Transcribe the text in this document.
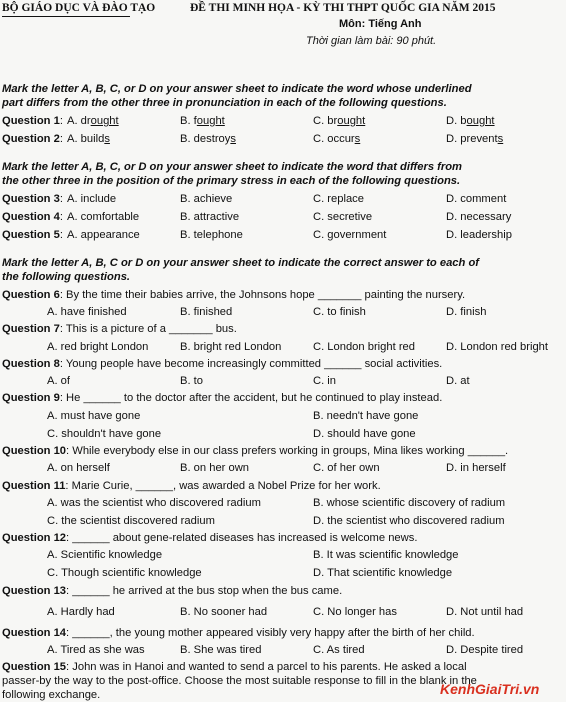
BỘ GIÁO DỤC VÀ ĐÀO TẠO	ĐỀ THI MINH HỌA - KỲ THI THPT QUỐC GIA NĂM 2015
Môn: Tiếng Anh
Thời gian làm bài: 90 phút.
Mark the letter A, B, C, or D on your answer sheet to indicate the word whose underlined
part differs from the other three in pronunciation in each of the following questions.
Question 1: A. drought	B. fought	C. brought	D. bought
Question 2: A. builds	B. destroys	C. occurs	D. prevents
Mark the letter A, B, C, or D on your answer sheet to indicate the word that differs from
the other three in the position of the primary stress in each of the following questions.
Question 3: A. include	B. achieve	C. replace	D. comment
Question 4: A. comfortable	B. attractive	C. secretive	D. necessary
Question 5: A. appearance	B. telephone	C. government	D. leadership
Mark the letter A, B, C or D on your answer sheet to indicate the correct answer to each of
the following questions.
Question 6: By the time their babies arrive, the Johnsons hope _______ painting the nursery.
A. have finished	B. finished	C. to finish	D. finish
Question 7: This is a picture of a _______ bus.
A. red bright London	B. bright red London	C. London bright red	D. London red bright
Question 8: Young people have become increasingly committed ______ social activities.
A. of	B. to	C. in	D. at
Question 9: He ______ to the doctor after the accident, but he continued to play instead.
A. must have gone	B. needn't have gone
C. shouldn't have gone	D. should have gone
Question 10: While everybody else in our class prefers working in groups, Mina likes working ______.
A. on herself	B. on her own	C. of her own	D. in herself
Question 11: Marie Curie, ______, was awarded a Nobel Prize for her work.
A. was the scientist who discovered radium	B. whose scientific discovery of radium
C. the scientist discovered radium	D. the scientist who discovered radium
Question 12: ______ about gene-related diseases has increased is welcome news.
A. Scientific knowledge	B. It was scientific knowledge
C. Though scientific knowledge	D. That scientific knowledge
Question 13: ______ he arrived at the bus stop when the bus came.
A. Hardly had	B. No sooner had	C. No longer has	D. Not until had
Question 14: ______, the young mother appeared visibly very happy after the birth of her child.
A. Tired as she was	B. She was tired	C. As tired	D. Despite tired
Question 15: John was in Hanoi and wanted to send a parcel to his parents. He asked a local
passer-by the way to the post-office. Choose the most suitable response to fill in the blank in the
following exchange.	KenhGiaiTri.vn
